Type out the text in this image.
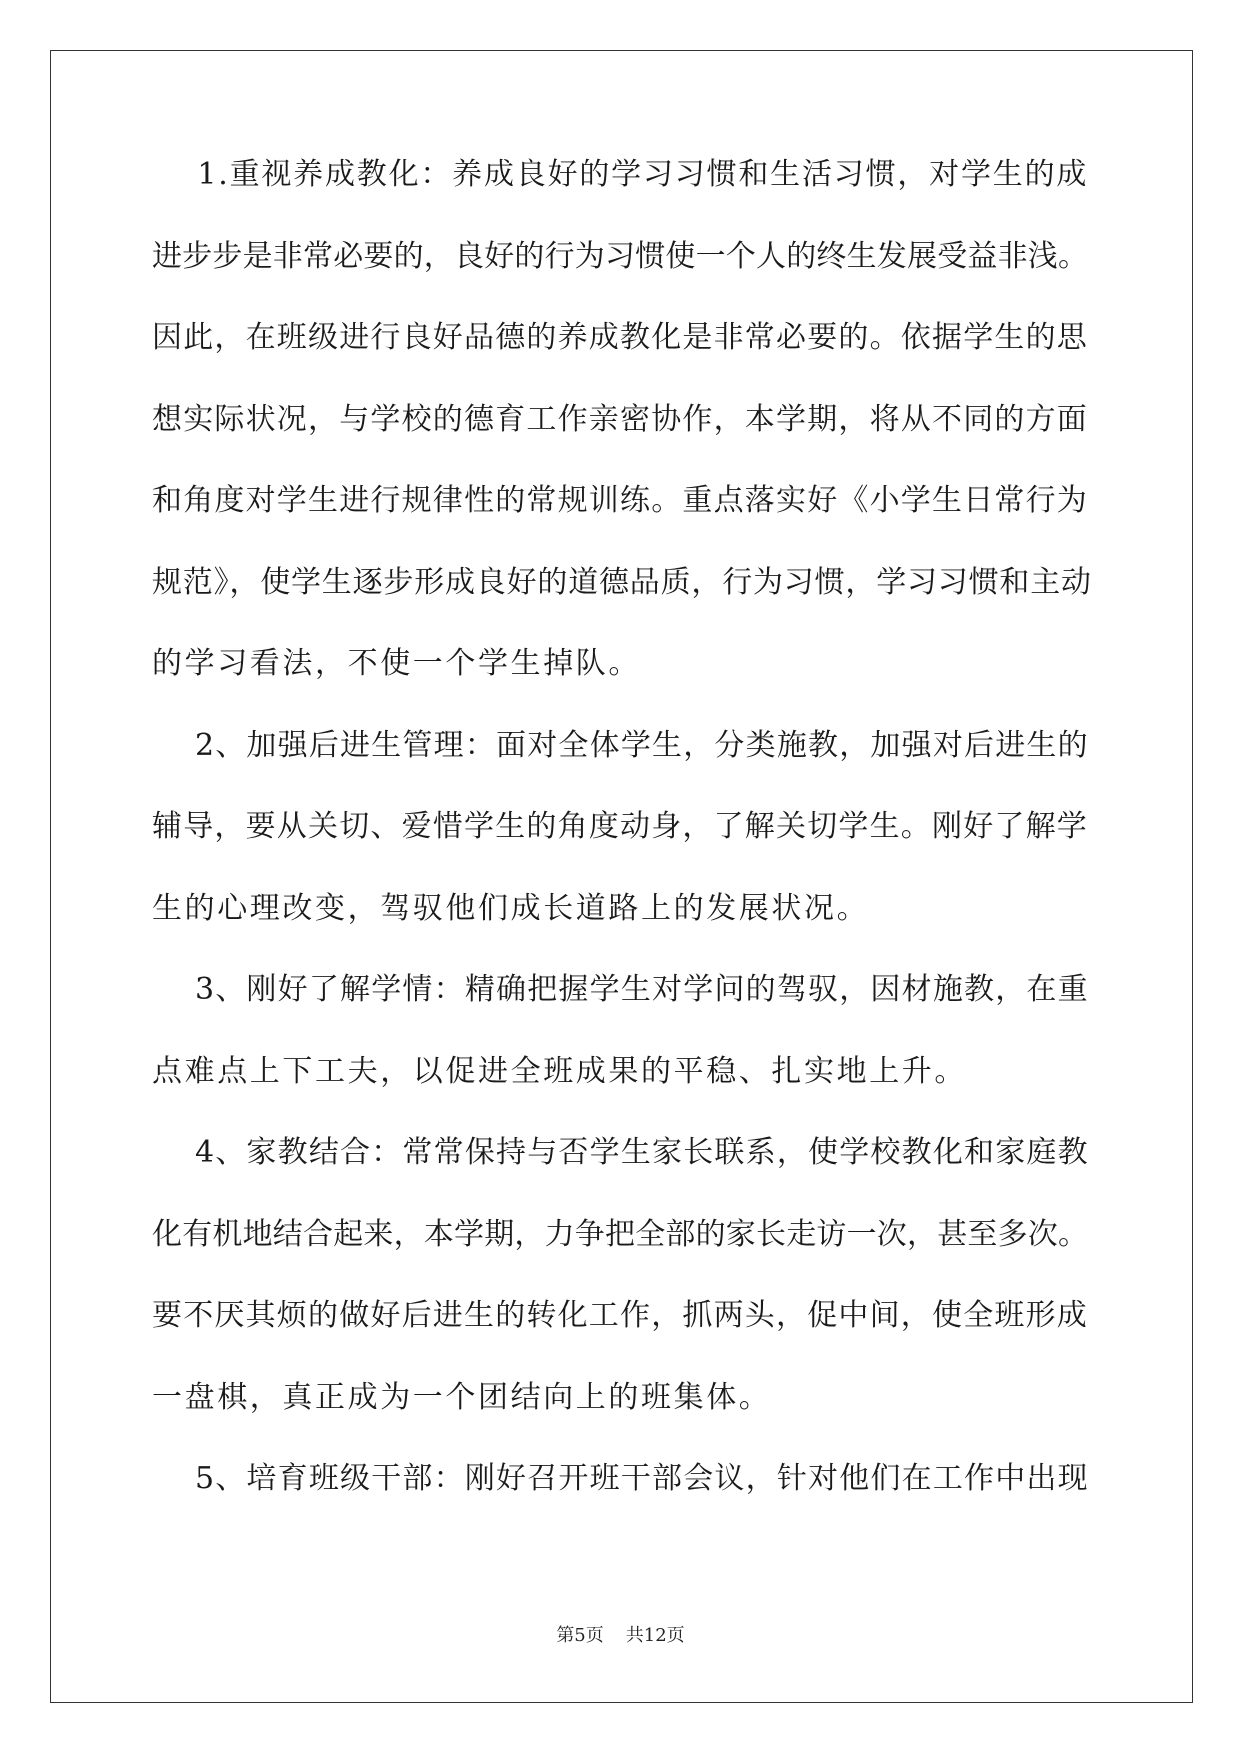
1.重视养成教化：养成良好的学习习惯和生活习惯，对学生的成
进步步是非常必要的，良好的行为习惯使一个人的终生发展受益非浅。
因此，在班级进行良好品德的养成教化是非常必要的。依据学生的思
想实际状况，与学校的德育工作亲密协作，本学期，将从不同的方面
和角度对学生进行规律性的常规训练。重点落实好《小学生日常行为
规范》，使学生逐步形成良好的道德品质，行为习惯，学习习惯和主动
的学习看法，不使一个学生掉队。
2、加强后进生管理：面对全体学生，分类施教，加强对后进生的
辅导，要从关切、爱惜学生的角度动身，了解关切学生。刚好了解学
生的心理改变，驾驭他们成长道路上的发展状况。
3、刚好了解学情：精确把握学生对学问的驾驭，因材施教，在重
点难点上下工夫，以促进全班成果的平稳、扎实地上升。
4、家教结合：常常保持与否学生家长联系，使学校教化和家庭教
化有机地结合起来，本学期，力争把全部的家长走访一次，甚至多次。
要不厌其烦的做好后进生的转化工作，抓两头，促中间，使全班形成
一盘棋，真正成为一个团结向上的班集体。
5、培育班级干部：刚好召开班干部会议，针对他们在工作中出现
第5页 共12页
